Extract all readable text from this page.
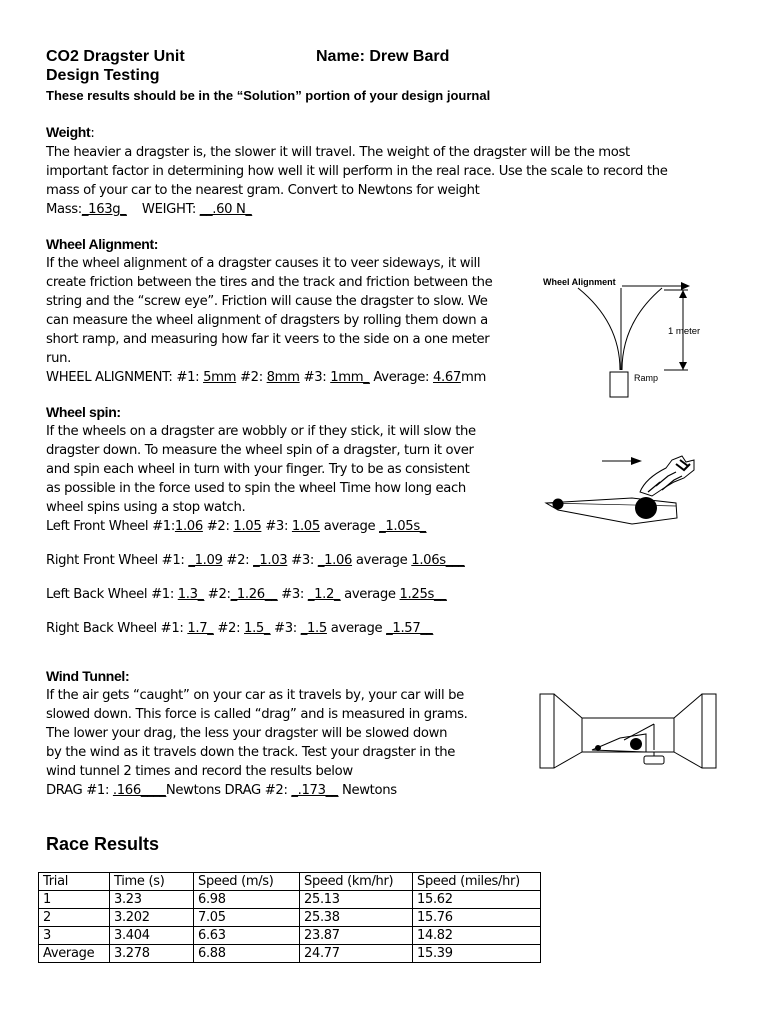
CO2 Dragster Unit	Name: Drew Bard
Design Testing
These results should be in the “Solution” portion of your design journal

Weight:

The heavier a dragster is, the slower it will travel. The weight of the dragster will be the most

important factor in determining how well it will perform in the real race. Use the scale to record the

mass of your car to the nearest gram. Convert to Newtons for weight

Mass:_163g_ WEIGHT: __.60 N_

Wheel Alignment:

If the wheel alignment of a dragster causes it to veer sideways, it will

create friction between the tires and the track and friction between the

string and the “screw eye”. Friction will cause the dragster to slow. We

can measure the wheel alignment of dragsters by rolling them down a

short ramp, and measuring how far it veers to the side on a one meter

run.

WHEEL ALIGNMENT: #1: 5mm #2: 8mm #3: 1mm_ Average: 4.67mm

Wheel Alignment
1 meter
Ramp

Wheel spin:

If the wheels on a dragster are wobbly or if they stick, it will slow the

dragster down. To measure the wheel spin of a dragster, turn it over

and spin each wheel in turn with your finger. Try to be as consistent

as possible in the force used to spin the wheel Time how long each

wheel spins using a stop watch.

Left Front Wheel #1:1.06 #2: 1.05 #3: 1.05 average _1.05s_
Right Front Wheel #1: _1.09 #2: _1.03 #3: _1.06 average 1.06s___
Left Back Wheel #1: 1.3_ #2:_1.26__ #3: _1.2_ average 1.25s__
Right Back Wheel #1: 1.7_ #2: 1.5_ #3: _1.5 average _1.57__

Wind Tunnel:

If the air gets “caught” on your car as it travels by, your car will be

slowed down. This force is called “drag” and is measured in grams.

The lower your drag, the less your dragster will be slowed down

by the wind as it travels down the track. Test your dragster in the

wind tunnel 2 times and record the results below

DRAG #1: .166____Newtons DRAG #2: _.173__ Newtons

Race Results
Trial	Time (s)	Speed (m/s)	Speed (km/hr)	Speed (miles/hr)
1	3.23	6.98	25.13	15.62
2	3.202	7.05	25.38	15.76
3	3.404	6.63	23.87	14.82
Average	3.278	6.88	24.77	15.39
